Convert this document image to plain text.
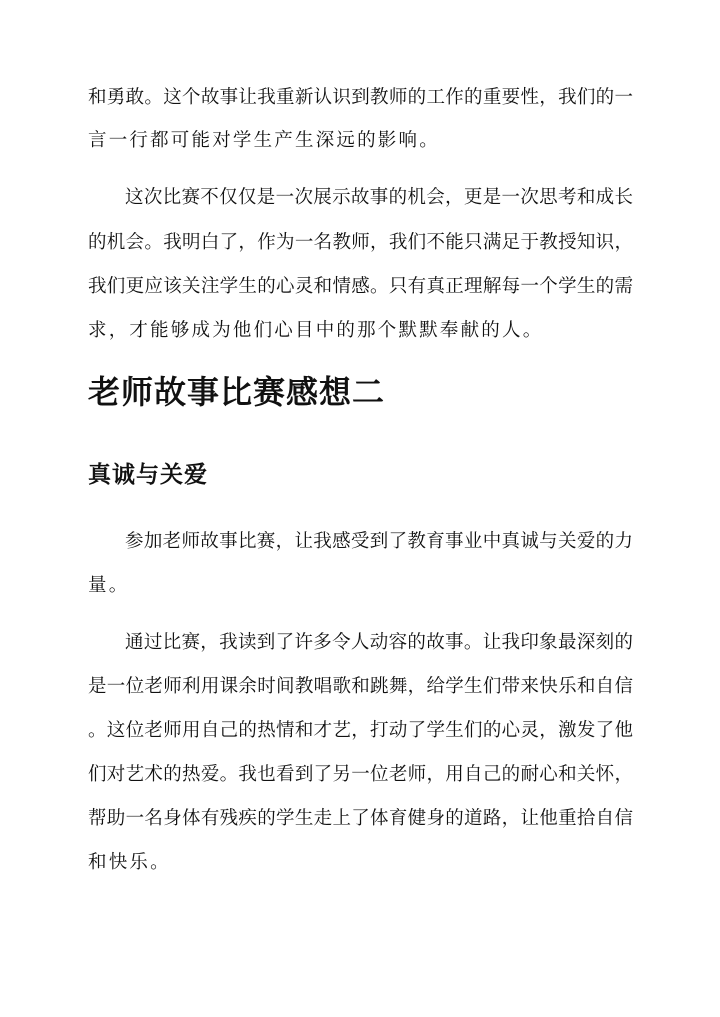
和勇敢。这个故事让我重新认识到教师的工作的重要性，我们的一
言一行都可能对学生产生深远的影响。
这次比赛不仅仅是一次展示故事的机会，更是一次思考和成长
的机会。我明白了，作为一名教师，我们不能只满足于教授知识，
我们更应该关注学生的心灵和情感。只有真正理解每一个学生的需
求，才能够成为他们心目中的那个默默奉献的人。
老师故事比赛感想二
真诚与关爱
参加老师故事比赛，让我感受到了教育事业中真诚与关爱的力
量。
通过比赛，我读到了许多令人动容的故事。让我印象最深刻的
是一位老师利用课余时间教唱歌和跳舞，给学生们带来快乐和自信
。这位老师用自己的热情和才艺，打动了学生们的心灵，激发了他
们对艺术的热爱。我也看到了另一位老师，用自己的耐心和关怀，
帮助一名身体有残疾的学生走上了体育健身的道路，让他重拾自信
和快乐。
